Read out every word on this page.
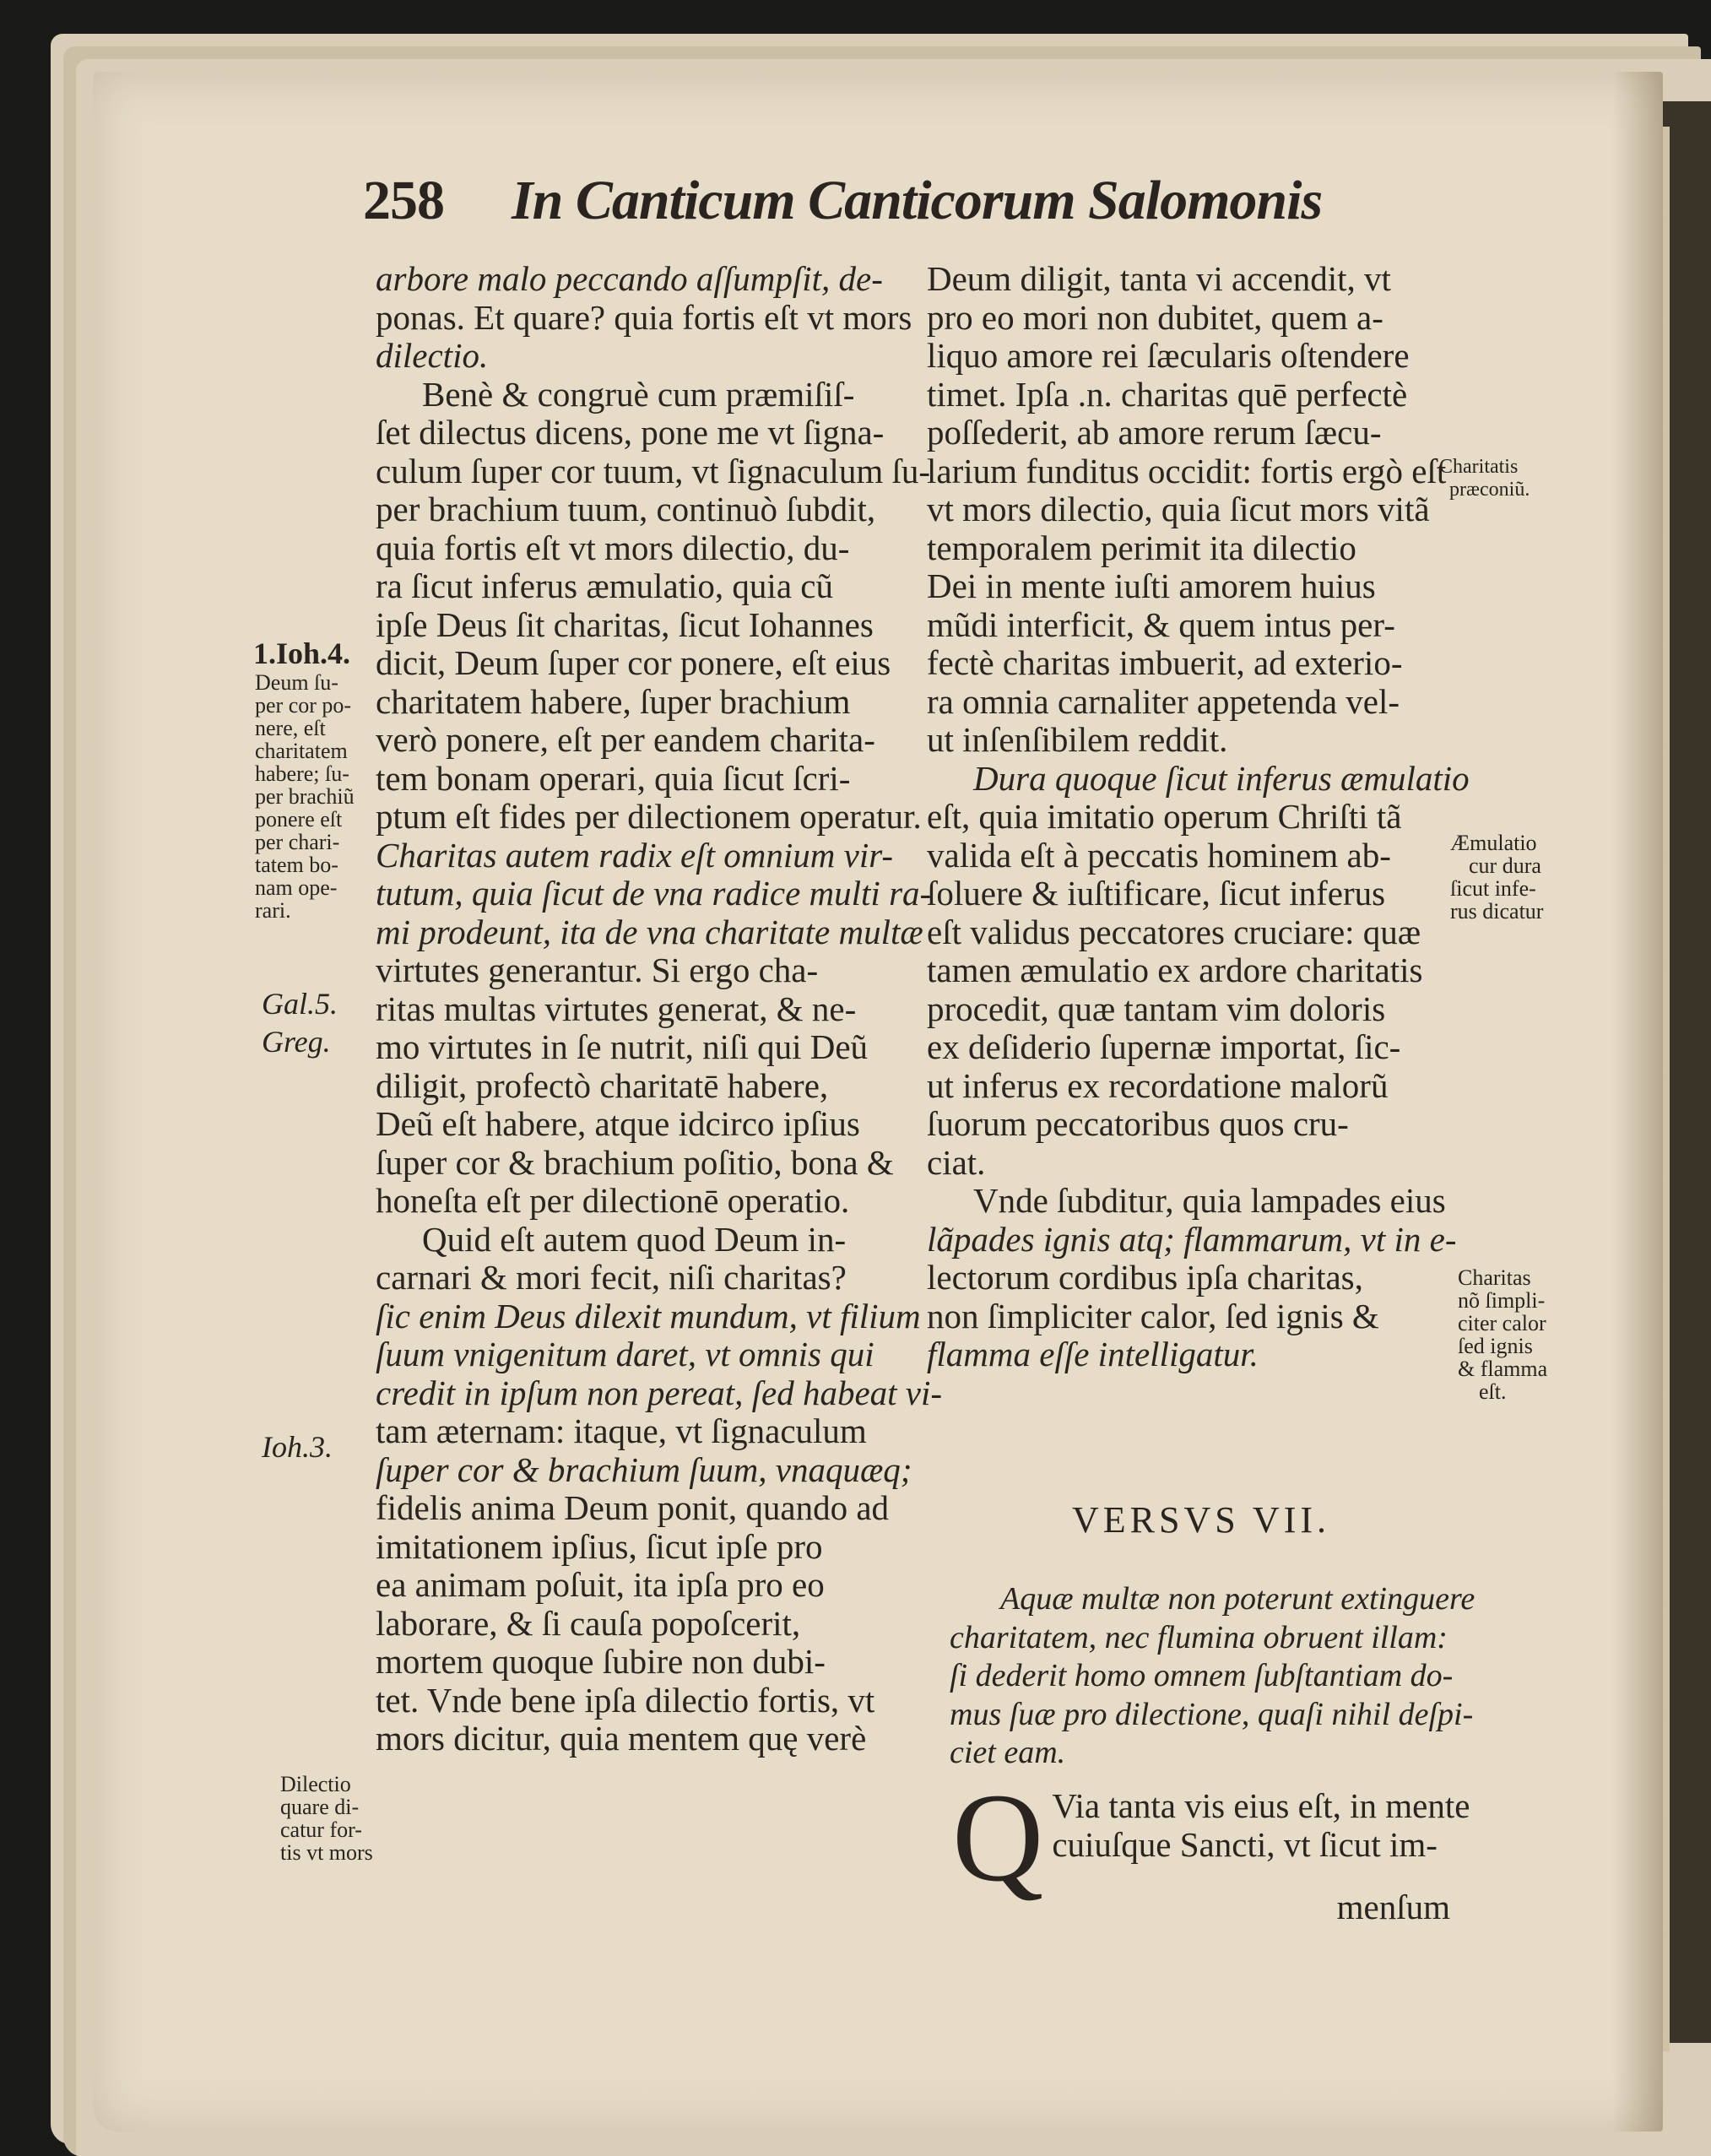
258 In Canticum Canticorum Salomonis
arbore malo peccando aſſumpſit, de-
ponas. Et quare? quia fortis eſt vt mors
dilectio.
Benè & congruè cum præmiſiſ-
ſet dilectus dicens, pone me vt ſigna-
culum ſuper cor tuum, vt ſignaculum ſu-
per brachium tuum, continuò ſubdit,
quia fortis eſt vt mors dilectio, du-
ra ſicut inferus æmulatio, quia cũ
ipſe Deus ſit charitas, ſicut Iohannes
dicit, Deum ſuper cor ponere, eſt eius
charitatem habere, ſuper brachium
verò ponere, eſt per eandem charita-
tem bonam operari, quia ſicut ſcri-
ptum eſt fides per dilectionem operatur.
Charitas autem radix eſt omnium vir-
tutum, quia ſicut de vna radice multi ra-
mi prodeunt, ita de vna charitate multæ
virtutes generantur. Si ergo cha-
ritas multas virtutes generat, & ne-
mo virtutes in ſe nutrit, niſi qui Deũ
diligit, profectò charitatē habere,
Deũ eſt habere, atque idcirco ipſius
ſuper cor & brachium poſitio, bona &
honeſta eſt per dilectionē operatio.
Quid eſt autem quod Deum in-
carnari & mori fecit, niſi charitas?
ſic enim Deus dilexit mundum, vt filium
ſuum vnigenitum daret, vt omnis qui
credit in ipſum non pereat, ſed habeat vi-
tam æternam: itaque, vt ſignaculum
ſuper cor & brachium ſuum, vnaquæq;
fidelis anima Deum ponit, quando ad
imitationem ipſius, ſicut ipſe pro
ea animam poſuit, ita ipſa pro eo
laborare, & ſi cauſa popoſcerit,
mortem quoque ſubire non dubi-
tet. Vnde bene ipſa dilectio fortis, vt
mors dicitur, quia mentem quę verè
Deum diligit, tanta vi accendit, vt
pro eo mori non dubitet, quem a-
liquo amore rei ſæcularis oſtendere
timet. Ipſa .n. charitas quē perfectè
poſſederit, ab amore rerum ſæcu-
larium funditus occidit: fortis ergò eſt
vt mors dilectio, quia ſicut mors vitã
temporalem perimit ita dilectio
Dei in mente iuſti amorem huius
mũdi interficit, & quem intus per-
fectè charitas imbuerit, ad exterio-
ra omnia carnaliter appetenda vel-
ut inſenſibilem reddit.
Dura quoque ſicut inferus æmulatio
eſt, quia imitatio operum Chriſti tã
valida eſt à peccatis hominem ab-
ſoluere & iuſtificare, ſicut inferus
eſt validus peccatores cruciare: quæ
tamen æmulatio ex ardore charitatis
procedit, quæ tantam vim doloris
ex deſiderio ſupernæ importat, ſic-
ut inferus ex recordatione malorũ
ſuorum peccatoribus quos cru-
ciat.
Vnde ſubditur, quia lampades eius
lãpades ignis atq; flammarum, vt in e-
lectorum cordibus ipſa charitas,
non ſimpliciter calor, ſed ignis &
flamma eſſe intelligatur.
VERSVS VII.
Aquæ multæ non poterunt extinguere
charitatem, nec flumina obruent illam:
ſi dederit homo omnem ſubſtantiam do-
mus ſuæ pro dilectione, quaſi nihil deſpi-
ciet eam.
Q Via tanta vis eius eſt, in mente
cuiuſque Sancti, vt ſicut im-
menſum
1.Ioh.4.
Deum ſu-
per cor po-
nere, eſt
charitatem
habere; ſu-
per brachiũ
ponere eſt
per chari-
tatem bo-
nam ope-
rari.
Gal.5.
Greg.
Ioh.3.
Dilectio
quare di-
catur for-
tis vt mors
Charitatis
præconiũ.
Æmulatio
cur dura
ſicut infe-
rus dicatur
Charitas
nõ ſimpli-
citer calor
ſed ignis
& flamma
eſt.
